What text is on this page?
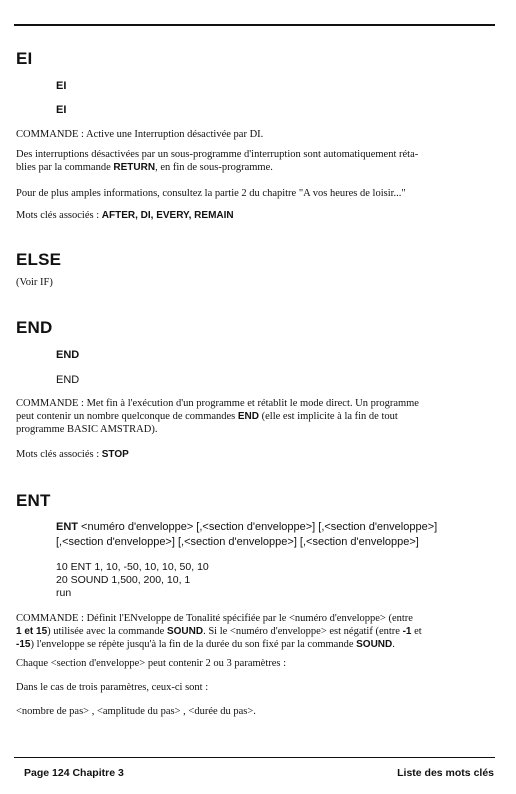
EI
EI
EI
COMMANDE : Active une Interruption désactivée par DI.
Des interruptions désactivées par un sous-programme d'interruption sont automatiquement réta-
blies par la commande RETURN, en fin de sous-programme.
Pour de plus amples informations, consultez la partie 2 du chapitre "A vos heures de loisir..."
Mots clés associés : AFTER, DI, EVERY, REMAIN
ELSE
(Voir IF)
END
END
END
COMMANDE : Met fin à l'exécution d'un programme et rétablit le mode direct. Un programme
peut contenir un nombre quelconque de commandes END (elle est implicite à la fin de tout
programme BASIC AMSTRAD).
Mots clés associés : STOP
ENT
ENT <numéro d'enveloppe> [,<section d'enveloppe>] [,<section d'enveloppe>]
[,<section d'enveloppe>] [,<section d'enveloppe>] [,<section d'enveloppe>]
10 ENT 1, 10, -50, 10, 10, 50, 10
20 SOUND 1,500, 200, 10, 1
run
COMMANDE : Définit l'ENveloppe de Tonalité spécifiée par le <numéro d'enveloppe> (entre
1 et 15) utilisée avec la commande SOUND. Si le <numéro d'enveloppe> est négatif (entre -1 et
-15) l'enveloppe se répète jusqu'à la fin de la durée du son fixé par la commande SOUND.
Chaque <section d'enveloppe> peut contenir 2 ou 3 paramètres :
Dans le cas de trois paramètres, ceux-ci sont :
<nombre de pas> , <amplitude du pas> , <durée du pas>.
Page 124 Chapitre 3	Liste des mots clés
